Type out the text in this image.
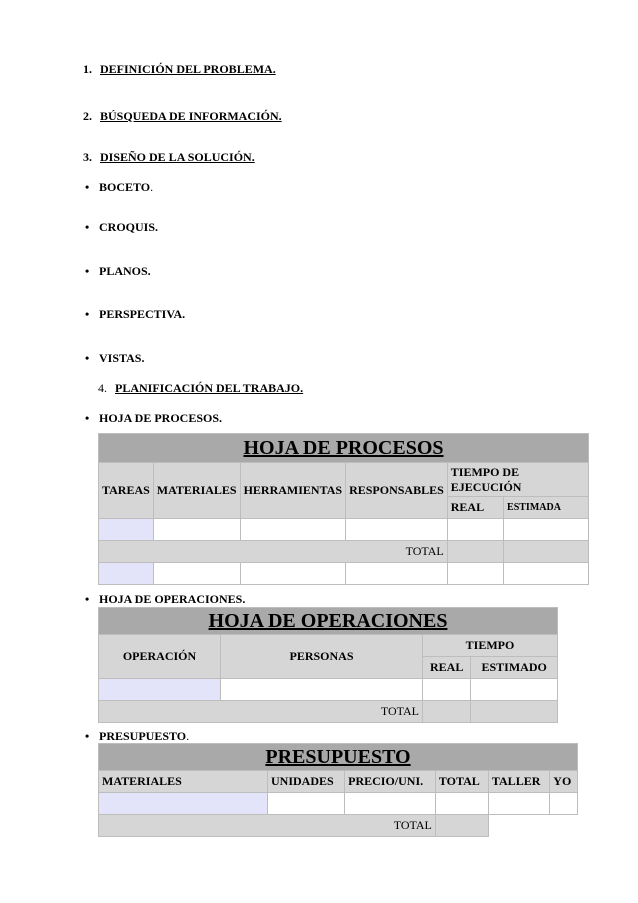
1. DEFINICIÓN DEL PROBLEMA.
2. BÚSQUEDA DE INFORMACIÓN.
3. DISEÑO DE LA SOLUCIÓN.
• BOCETO.
• CROQUIS.
• PLANOS.
• PERSPECTIVA.
• VISTAS.
4. PLANIFICACIÓN DEL TRABAJO.
• HOJA DE PROCESOS.
HOJA DE PROCESOS					
TAREAS	MATERIALES	HERRAMIENTAS	RESPONSABLES	TIEMPO DE EJECUCIÓN	
				REAL	ESTIMADA

TOTAL					

• HOJA DE OPERACIONES.
HOJA DE OPERACIONES			
OPERACIÓN	PERSONAS	TIEMPO	
		REAL	ESTIMADO

TOTAL			
• PRESUPUESTO.
PRESUPUESTO					
MATERIALES	UNIDADES	PRECIO/UNI.	TOTAL	TALLER	YO

TOTAL					
